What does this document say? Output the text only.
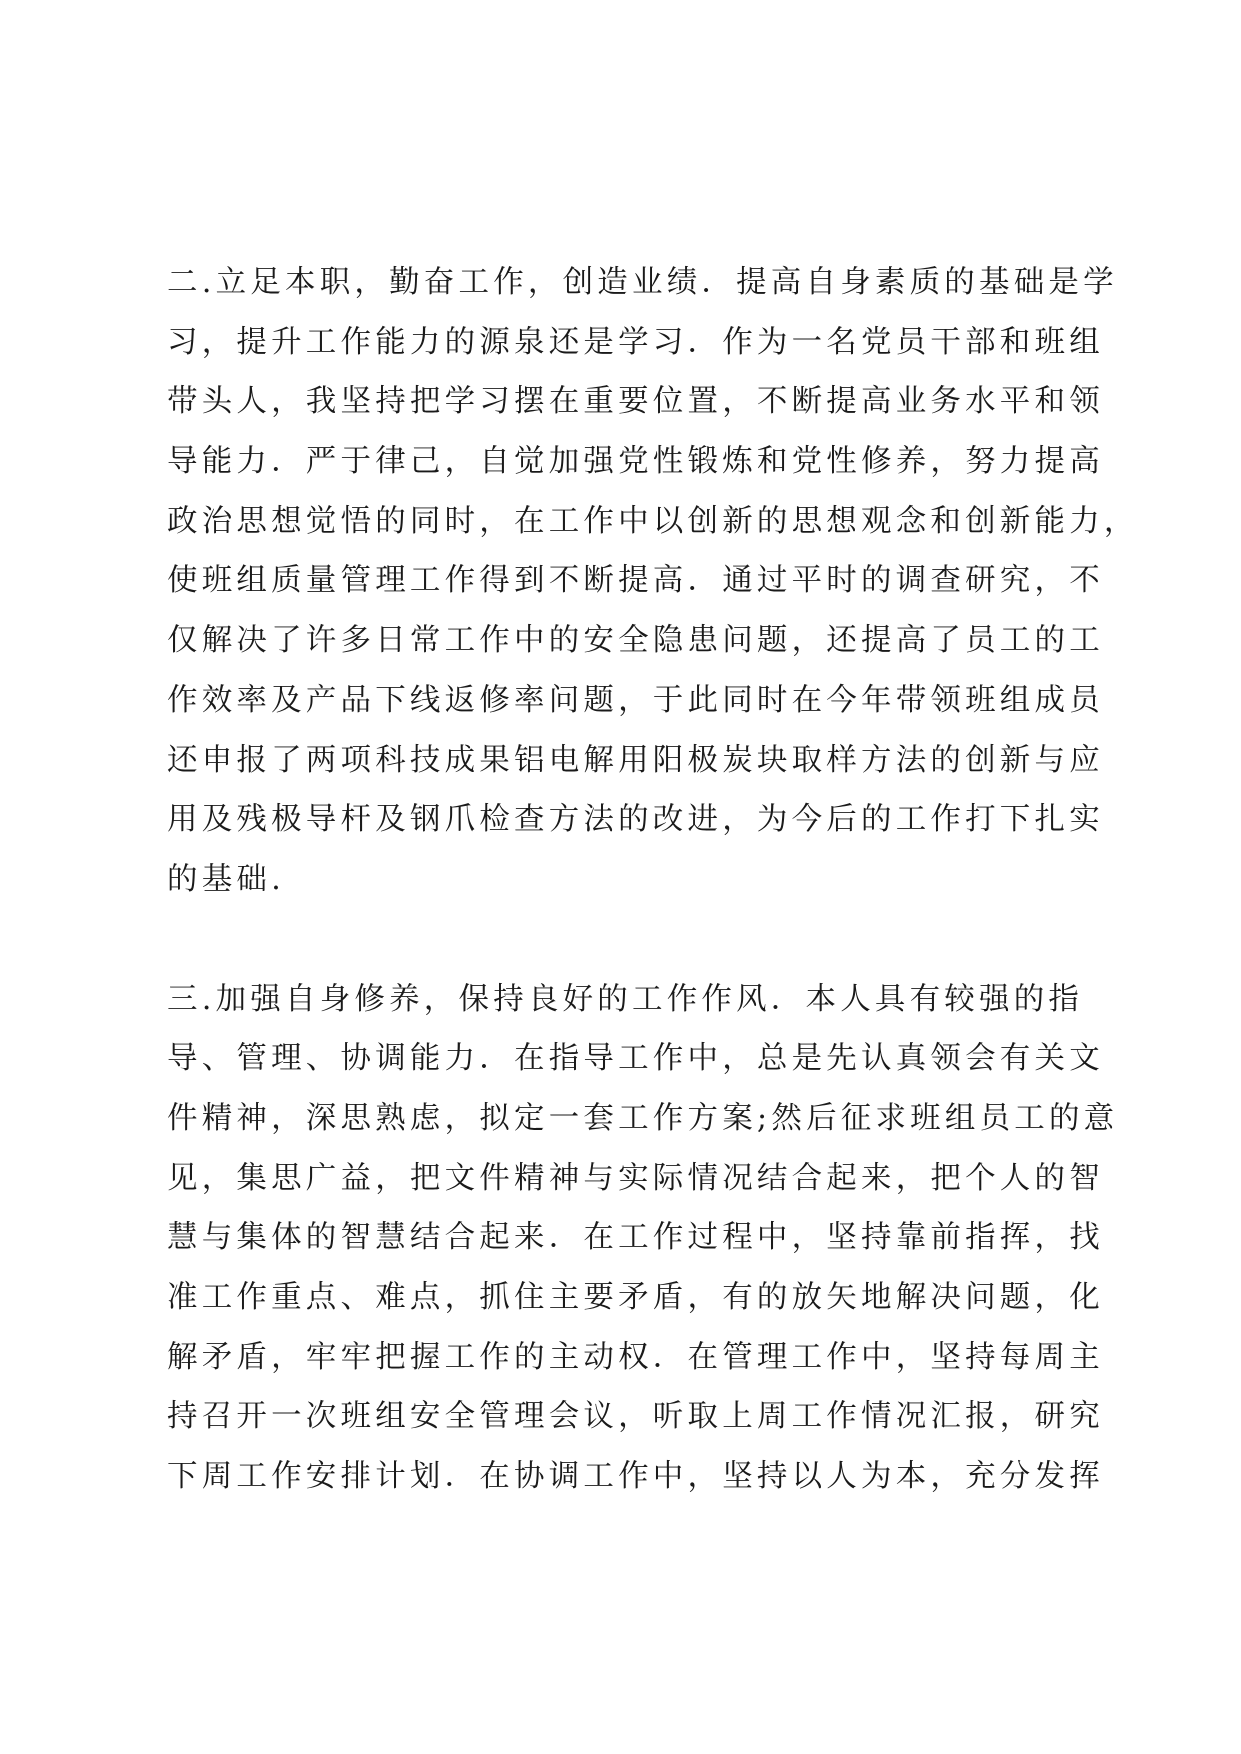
二.立足本职，勤奋工作，创造业绩．提高自身素质的基础是学
习，提升工作能力的源泉还是学习．作为一名党员干部和班组
带头人，我坚持把学习摆在重要位置，不断提高业务水平和领
导能力．严于律己，自觉加强党性锻炼和党性修养，努力提高
政治思想觉悟的同时，在工作中以创新的思想观念和创新能力，
使班组质量管理工作得到不断提高．通过平时的调查研究，不
仅解决了许多日常工作中的安全隐患问题，还提高了员工的工
作效率及产品下线返修率问题，于此同时在今年带领班组成员
还申报了两项科技成果铝电解用阳极炭块取样方法的创新与应
用及残极导杆及钢爪检查方法的改进，为今后的工作打下扎实
的基础.
三.加强自身修养，保持良好的工作作风．本人具有较强的指
导、管理、协调能力．在指导工作中，总是先认真领会有关文
件精神，深思熟虑，拟定一套工作方案;然后征求班组员工的意
见，集思广益，把文件精神与实际情况结合起来，把个人的智
慧与集体的智慧结合起来．在工作过程中，坚持靠前指挥，找
准工作重点、难点，抓住主要矛盾，有的放矢地解决问题，化
解矛盾，牢牢把握工作的主动权．在管理工作中，坚持每周主
持召开一次班组安全管理会议，听取上周工作情况汇报，研究
下周工作安排计划．在协调工作中，坚持以人为本，充分发挥
